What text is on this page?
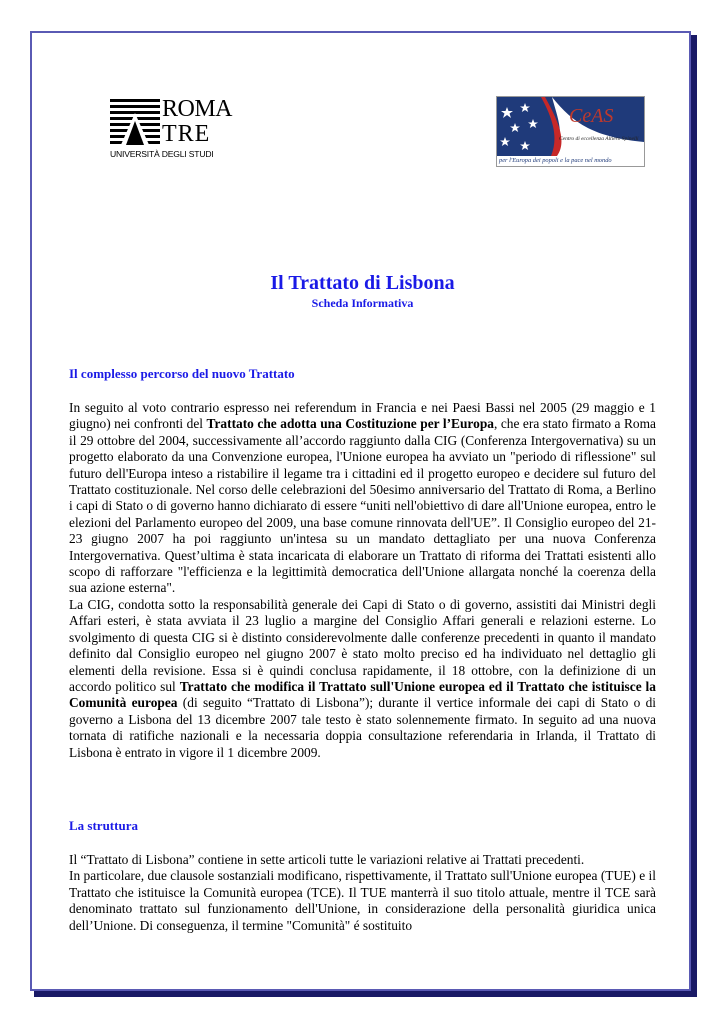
ROMA
TRE
UNIVERSITÀ DEGLI STUDI
CeAS
Centro di eccellenza Altiero Spinelli
per l'Europa dei popoli e la pace nel mondo
Il Trattato di Lisbona
Scheda Informativa
Il complesso percorso del nuovo Trattato

In seguito al voto contrario espresso nei referendum in Francia e nei Paesi Bassi nel 2005 (29 maggio e 1 giugno) nei confronti del Trattato che adotta una Costituzione per l’Europa, che era stato firmato a Roma il 29 ottobre del 2004, successivamente all’accordo raggiunto dalla CIG (Conferenza Intergovernativa) su un progetto elaborato da una Convenzione europea, l'Unione europea ha avviato un "periodo di riflessione" sul futuro dell'Europa inteso a ristabilire il legame tra i cittadini ed il progetto europeo e decidere sul futuro del Trattato costituzionale. Nel corso delle celebrazioni del 50esimo anniversario del Trattato di Roma, a Berlino i capi di Stato o di governo hanno dichiarato di essere “uniti nell'obiettivo di dare all'Unione europea, entro le elezioni del Parlamento europeo del 2009, una base comune rinnovata dell'UE”. Il Consiglio europeo del 21-23 giugno 2007 ha poi raggiunto un'intesa su un mandato dettagliato per una nuova Conferenza Intergovernativa. Quest’ultima è stata incaricata di elaborare un Trattato di riforma dei Trattati esistenti allo scopo di rafforzare "l'efficienza e la legittimità democratica dell'Unione allargata nonché la coerenza della sua azione esterna".

La CIG, condotta sotto la responsabilità generale dei Capi di Stato o di governo, assistiti dai Ministri degli Affari esteri, è stata avviata il 23 luglio a margine del Consiglio Affari generali e relazioni esterne. Lo svolgimento di questa CIG si è distinto considerevolmente dalle conferenze precedenti in quanto il mandato definito dal Consiglio europeo nel giugno 2007 è stato molto preciso ed ha individuato nel dettaglio gli elementi della revisione. Essa si è quindi conclusa rapidamente, il 18 ottobre, con la definizione di un accordo politico sul Trattato che modifica il Trattato sull'Unione europea ed il Trattato che istituisce la Comunità europea (di seguito “Trattato di Lisbona”); durante il vertice informale dei capi di Stato o di governo a Lisbona del 13 dicembre 2007 tale testo è stato solennemente firmato. In seguito ad una nuova tornata di ratifiche nazionali e la necessaria doppia consultazione referendaria in Irlanda, il Trattato di Lisbona è entrato in vigore il 1 dicembre 2009.

La struttura

Il “Trattato di Lisbona” contiene in sette articoli tutte le variazioni relative ai Trattati precedenti.

In particolare, due clausole sostanziali modificano, rispettivamente, il Trattato sull'Unione europea (TUE) e il Trattato che istituisce la Comunità europea (TCE). Il TUE manterrà il suo titolo attuale, mentre il TCE sarà denominato trattato sul funzionamento dell'Unione, in considerazione della personalità giuridica unica dell’Unione. Di conseguenza, il termine "Comunità" é sostituito
